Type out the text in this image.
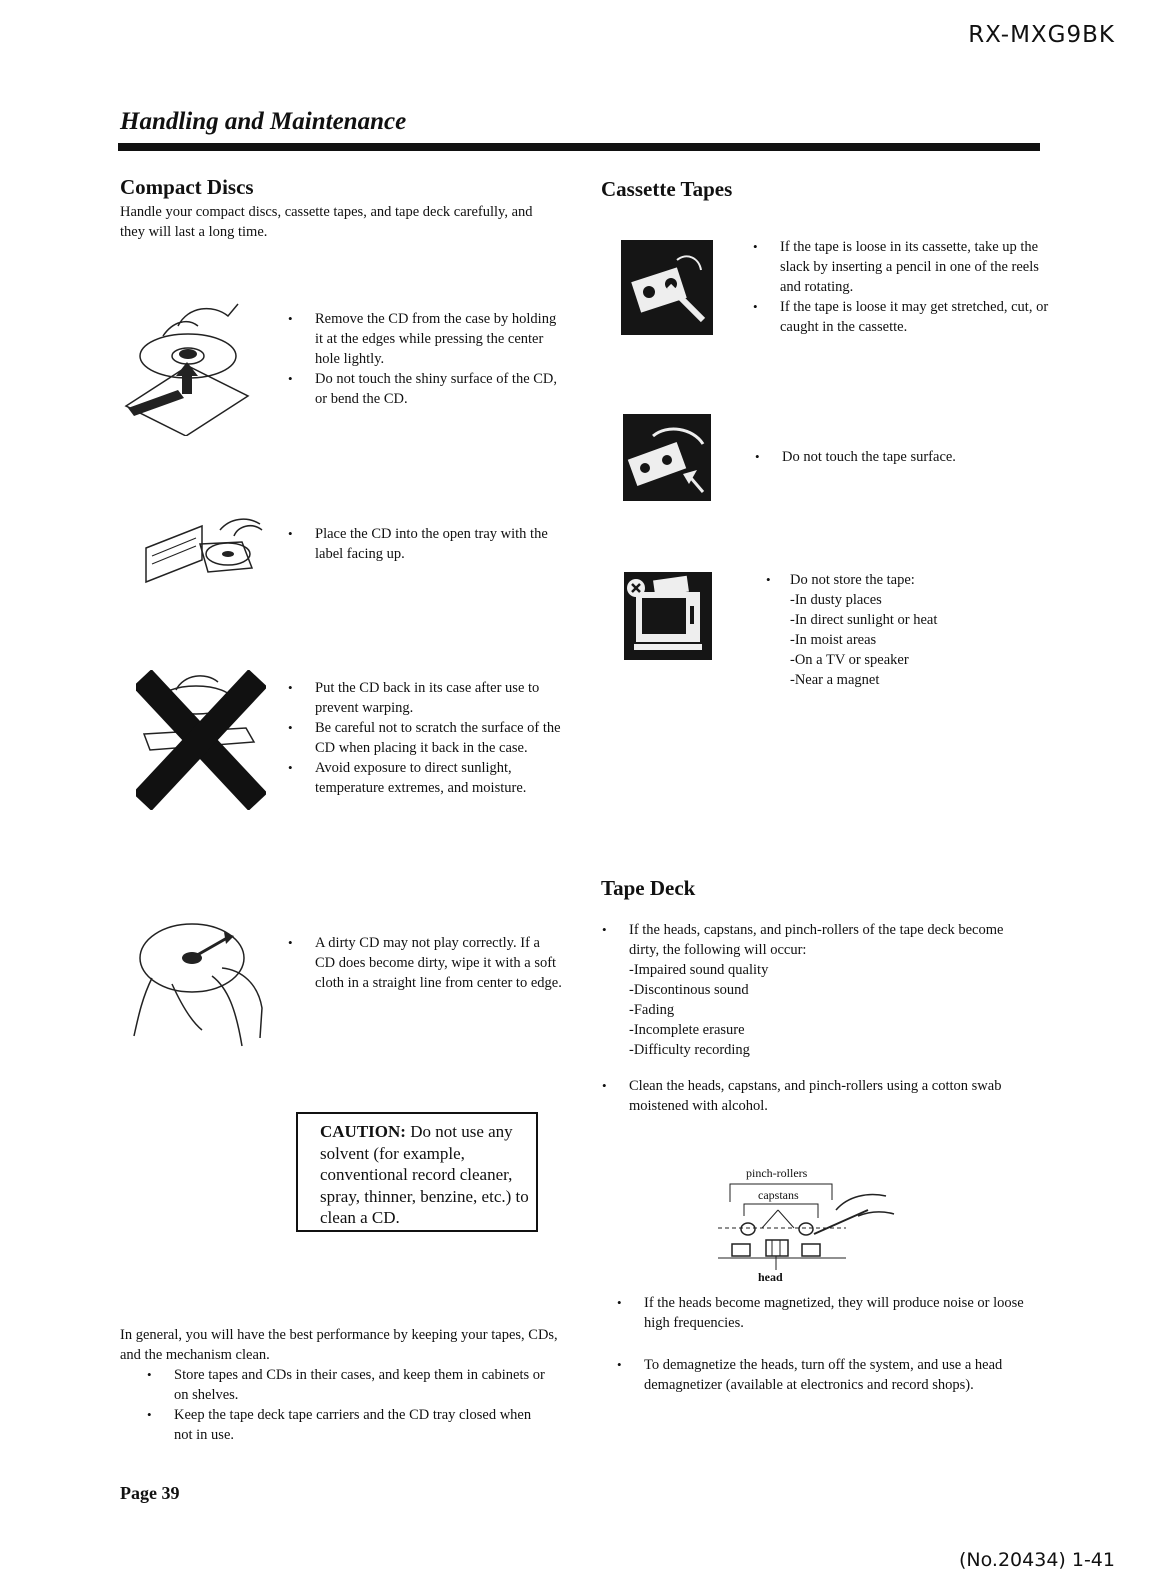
RX-MXG9BK
Handling and Maintenance
Compact Discs
Handle your compact discs, cassette tapes, and tape deck carefully, and they will last a long time.
• Remove the CD from the case by holding it at the edges while pressing the center hole lightly.
• Do not touch the shiny surface of the CD, or bend the CD.
• Place the CD into the open tray with the label facing up.
• Put the CD back in its case after use to prevent warping.
• Be careful not to scratch the surface of the CD when placing it back in the case.
• Avoid exposure to direct sunlight, temperature extremes, and moisture.
• A dirty CD may not play correctly. If a CD does become dirty, wipe it with a soft cloth in a straight line from center to edge.
CAUTION: Do not use any solvent (for example, conventional record cleaner, spray, thinner, benzine, etc.) to clean a CD.
In general, you will have the best performance by keeping your tapes, CDs, and the mechanism clean.
• Store tapes and CDs in their cases, and keep them in cabinets or on shelves.
• Keep the tape deck tape carriers and the CD tray closed when not in use.
Cassette Tapes
• If the tape is loose in its cassette, take up the slack by inserting a pencil in one of the reels and rotating.
• If the tape is loose it may get stretched, cut, or caught in the cassette.
• Do not touch the tape surface.
• Do not store the tape:
-In dusty places
-In direct sunlight or heat
-In moist areas
-On a TV or speaker
-Near a magnet
Tape Deck
• If the heads, capstans, and pinch-rollers of the tape deck become dirty, the following will occur:
-Impaired sound quality
-Discontinous sound
-Fading
-Incomplete erasure
-Difficulty recording
• Clean the heads, capstans, and pinch-rollers using a cotton swab moistened with alcohol.
pinch-rollers
capstans
head
• If the heads become magnetized, they will produce noise or loose high frequencies.
• To demagnetize the heads, turn off the system, and use a head demagnetizer (available at electronics and record shops).
Page 39
(No.20434) 1-41
